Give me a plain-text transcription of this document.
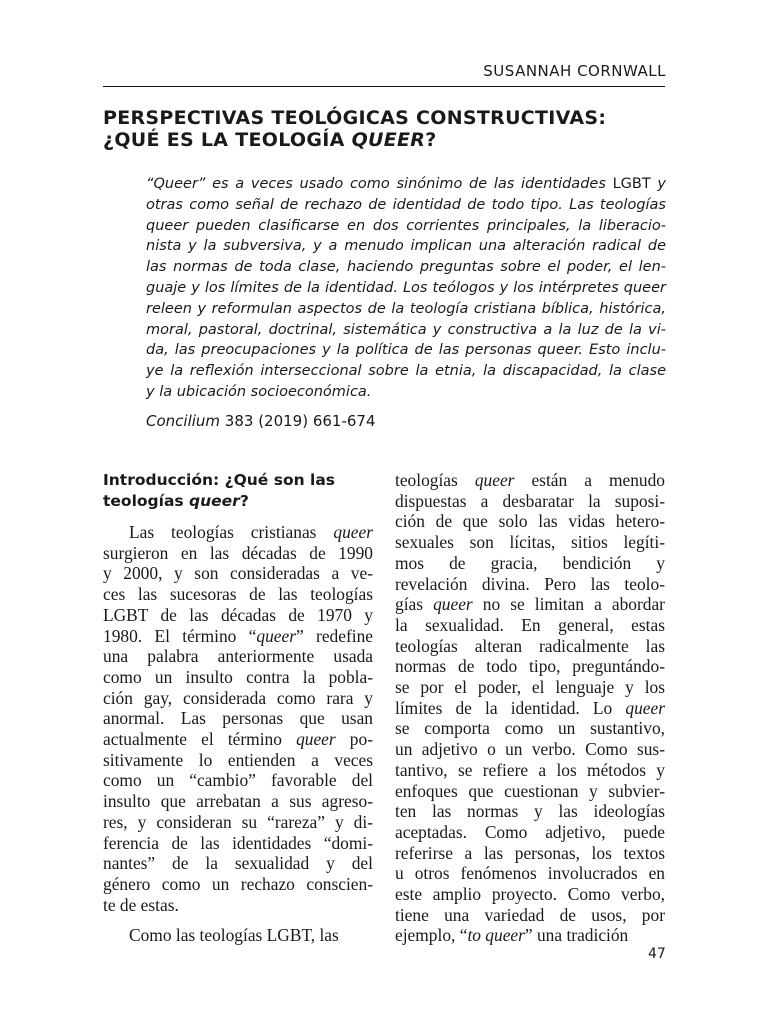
SUSANNAH CORNWALL
PERSPECTIVAS TEOLÓGICAS CONSTRUCTIVAS:
¿QUÉ ES LA TEOLOGÍA QUEER?
“Queer” es a veces usado como sinónimo de las identidades LGBT y
otras como señal de rechazo de identidad de todo tipo. Las teologías
queer pueden clasificarse en dos corrientes principales, la liberacio-
nista y la subversiva, y a menudo implican una alteración radical de
las normas de toda clase, haciendo preguntas sobre el poder, el len-
guaje y los límites de la identidad. Los teólogos y los intérpretes queer
releen y reformulan aspectos de la teología cristiana bíblica, histórica,
moral, pastoral, doctrinal, sistemática y constructiva a la luz de la vi-
da, las preocupaciones y la política de las personas queer. Esto inclu-
ye la reflexión interseccional sobre la etnia, la discapacidad, la clase
y la ubicación socioeconómica.
Concilium 383 (2019) 661-674
Introducción: ¿Qué son las
teologías queer?
Las teologías cristianas queer
surgieron en las décadas de 1990
y 2000, y son consideradas a ve-
ces las sucesoras de las teologías
LGBT de las décadas de 1970 y
1980. El término “queer” redefine
una palabra anteriormente usada
como un insulto contra la pobla-
ción gay, considerada como rara y
anormal. Las personas que usan
actualmente el término queer po-
sitivamente lo entienden a veces
como un “cambio” favorable del
insulto que arrebatan a sus agreso-
res, y consideran su “rareza” y di-
ferencia de las identidades “domi-
nantes” de la sexualidad y del
género como un rechazo conscien-
te de estas.
Como las teologías LGBT, las
teologías queer están a menudo
dispuestas a desbaratar la suposi-
ción de que solo las vidas hetero-
sexuales son lícitas, sitios legíti-
mos de gracia, bendición y
revelación divina. Pero las teolo-
gías queer no se limitan a abordar
la sexualidad. En general, estas
teologías alteran radicalmente las
normas de todo tipo, preguntándo-
se por el poder, el lenguaje y los
límites de la identidad. Lo queer
se comporta como un sustantivo,
un adjetivo o un verbo. Como sus-
tantivo, se refiere a los métodos y
enfoques que cuestionan y subvier-
ten las normas y las ideologías
aceptadas. Como adjetivo, puede
referirse a las personas, los textos
u otros fenómenos involucrados en
este amplio proyecto. Como verbo,
tiene una variedad de usos, por
ejemplo, “to queer” una tradición
47
